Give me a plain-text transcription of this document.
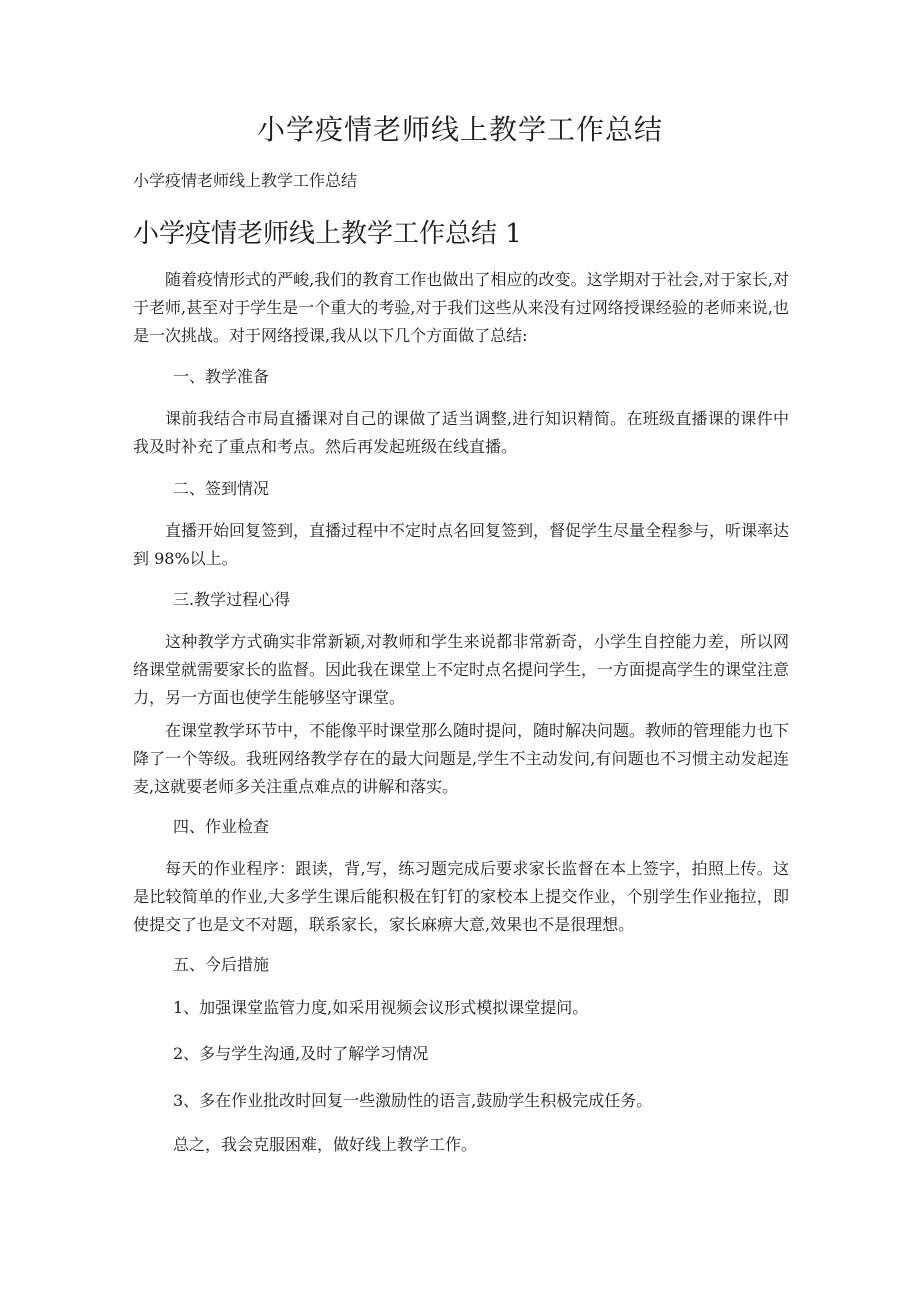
小学疫情老师线上教学工作总结

小学疫情老师线上教学工作总结

小学疫情老师线上教学工作总结 1

随着疫情形式的严峻,我们的教育工作也做出了相应的改变。这学期对于社会,对于家长,对于老师,甚至对于学生是一个重大的考验,对于我们这些从来没有过网络授课经验的老师来说,也是一次挑战。对于网络授课,我从以下几个方面做了总结:

一、教学准备

课前我结合市局直播课对自己的课做了适当调整,进行知识精简。在班级直播课的课件中我及时补充了重点和考点。然后再发起班级在线直播。

二、签到情况

直播开始回复签到，直播过程中不定时点名回复签到，督促学生尽量全程参与，听课率达到 98%以上。

三.教学过程心得

这种教学方式确实非常新颖,对教师和学生来说都非常新奇，小学生自控能力差，所以网络课堂就需要家长的监督。因此我在课堂上不定时点名提问学生，一方面提高学生的课堂注意力，另一方面也使学生能够坚守课堂。

在课堂教学环节中，不能像平时课堂那么随时提问，随时解决问题。教师的管理能力也下降了一个等级。我班网络教学存在的最大问题是,学生不主动发问,有问题也不习惯主动发起连麦,这就要老师多关注重点难点的讲解和落实。

四、作业检查

每天的作业程序：跟读，背,写，练习题完成后要求家长监督在本上签字，拍照上传。这是比较简单的作业,大多学生课后能积极在钉钉的家校本上提交作业，个别学生作业拖拉，即使提交了也是文不对题，联系家长，家长麻痹大意,效果也不是很理想。

五、今后措施

1、加强课堂监管力度,如采用视频会议形式模拟课堂提问。

2、多与学生沟通,及时了解学习情况

3、多在作业批改时回复一些激励性的语言,鼓励学生积极完成任务。

总之，我会克服困难，做好线上教学工作。
